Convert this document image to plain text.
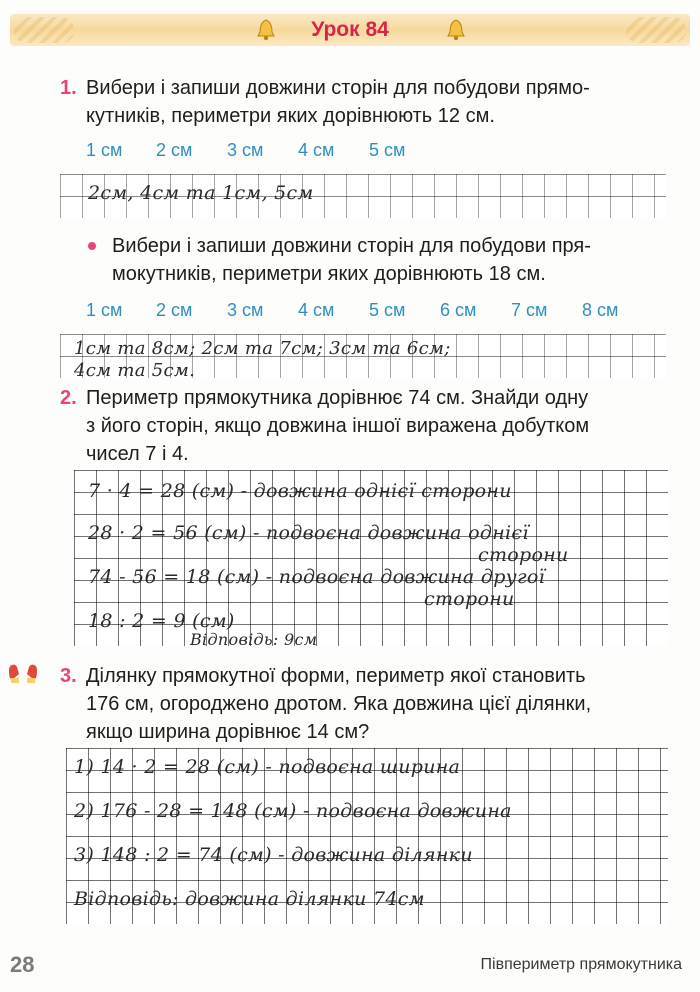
Урок 84
1. Вибери і запиши довжини сторін для побудови прямо-
кутників, периметри яких дорівнюють 12 см.
1 см 2 см 3 см 4 см 5 см
2см, 4см та 1см, 5см
Вибери і запиши довжини сторін для побудови пря-
мокутників, периметри яких дорівнюють 18 см.
1 см 2 см 3 см 4 см 5 см 6 см 7 см 8 см
1см та 8см; 2см та 7см; 3см та 6см;
4см та 5см.
2. Периметр прямокутника дорівнює 74 см. Знайди одну
з його сторін, якщо довжина іншої виражена добутком
чисел 7 і 4.
7 · 4 = 28 (см) - довжина однієї сторони
28 · 2 = 56 (см) - подвоєна довжина однієї
сторони
74 - 56 = 18 (см) - подвоєна довжина другої
сторони
18 : 2 = 9 (см)
Відповідь: 9см
3. Ділянку прямокутної форми, периметр якої становить
176 см, огороджено дротом. Яка довжина цієї ділянки,
якщо ширина дорівнює 14 см?
1) 14 · 2 = 28 (см) - подвоєна ширина
2) 176 - 28 = 148 (см) - подвоєна довжина
3) 148 : 2 = 74 (см) - довжина ділянки
Відповідь: довжина ділянки 74см
28	Півпериметр прямокутника
